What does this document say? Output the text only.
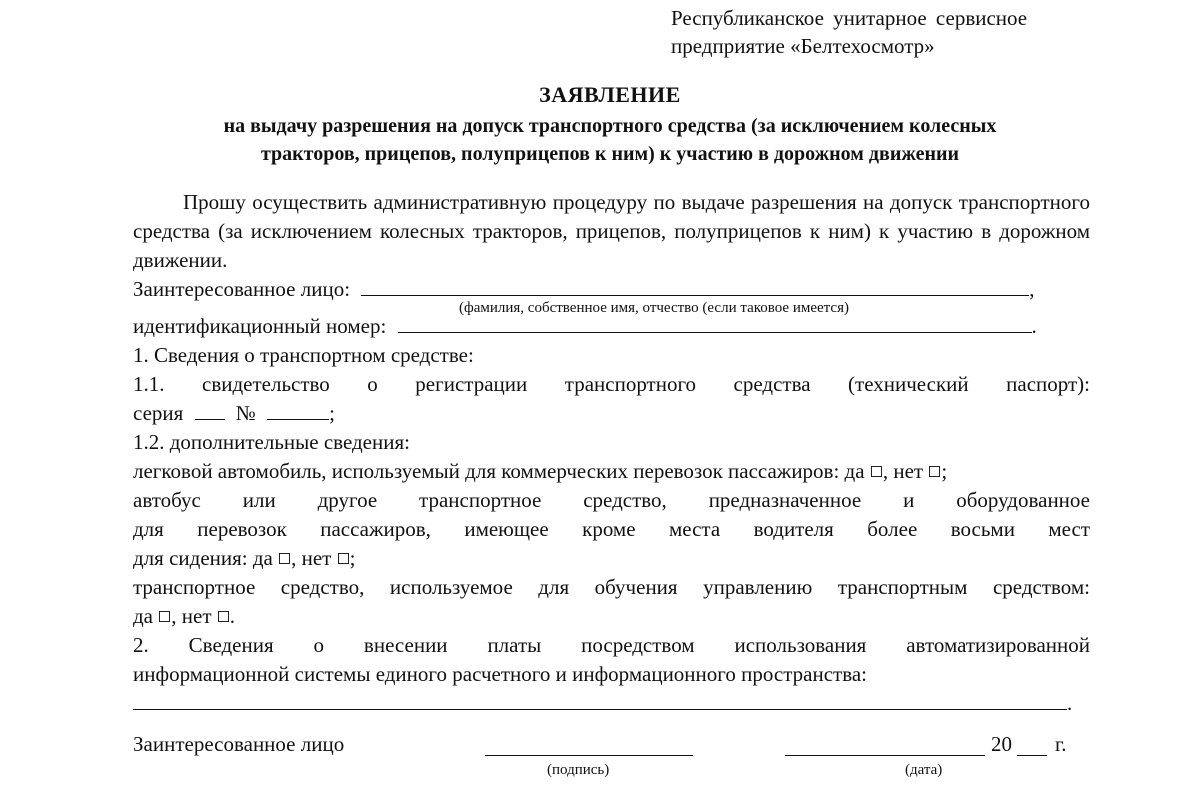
Республиканское унитарное сервисное
предприятие «Белтехосмотр»
ЗАЯВЛЕНИЕ
на выдачу разрешения на допуск транспортного средства (за исключением колесных
тракторов, прицепов, полуприцепов к ним) к участию в дорожном движении

Прошу осуществить административную процедуру по выдаче разрешения на допуск транспортного средства (за исключением колесных тракторов, прицепов, полуприцепов к ним) к участию в дорожном движении.

Заинтересованное лицо:	,
(фамилия, собственное имя, отчество (если таковое имеется)
идентификационный номер:	.
1. Сведения о транспортном средстве:
1.1. свидетельство о регистрации транспортного средства (технический паспорт):
серия	№	;
1.2. дополнительные сведения:
легковой автомобиль, используемый для коммерческих перевозок пассажиров: да , нет ;
автобус или другое транспортное средство, предназначенное и оборудованное
для перевозок пассажиров, имеющее кроме места водителя более восьми мест
для сидения: да , нет ;
транспортное средство, используемое для обучения управлению транспортным средством:
да , нет .
2. Сведения о внесении платы посредством использования автоматизированной
информационной системы единого расчетного и информационного пространства:
.
Заинтересованное лицо
(подпись)
20 г.
(дата)
